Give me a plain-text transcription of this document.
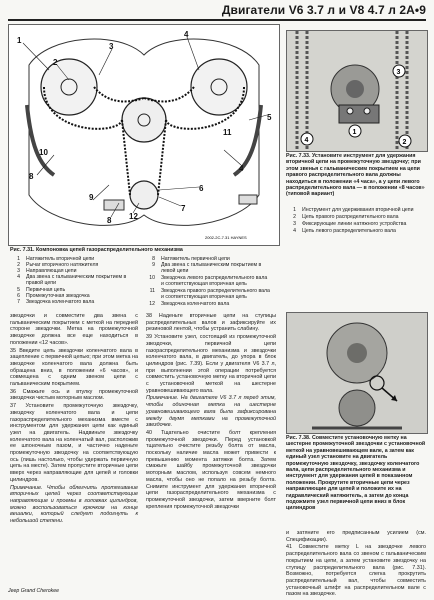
Двигатели V6 3.7 л и V8 4.7 л 2A•9
1
2
3
4
5
4
6
7
8
8
9
12
10
11
2002-2C-7.31 HAYNES
Рис. 7.31. Компоновка цепей газораспределительного механизма
1 Натяжитель вторичной цепи
2 Рычаг вторичного натяжителя
3 Направляющая цепи
4 Два звена с гальваническим покрытием в правой цепи
5 Первичная цепь
6 Промежуточная звездочка
7 Звездочка коленчатого вала
8 Натяжитель первичной цепи
9 Два звена с гальваническим покрытием в левой цепи
10 Звездочка левого распределительного вала и соответствующая вторичная цепь
11 Звездочка правого распределительного вала и соответствующая вторичная цепь
12 Звездочка коленчатого вала
1
2
3
4
Рис. 7.33. Установите инструмент для удержания вторичной цепи на промежуточную звездочку; при этом звенья с гальваническим покрытием на цепи правого распределительного вала должны находиться в положении «4 часа», а у цепи левого распределительного вала — в положении «8 часов» (типовой вариант)
1 Инструмент для удерживания вторичной цепи
2 Цепь правого распределительного вала
3 Фиксирующие линии натяжного устройства
4 Цепь левого распределительного вала
Рис. 7.38. Совместите установочную метку на шестерне промежуточной звездочки с установочной меткой на уравновешивающем вале, а затем как единый узел установите на двигатель промежуточную звездочку, звездочку коленчатого вала, цепи распределительного механизма и инструмент для удержания цепей в показанном положении. Прокрутите вторичные цепи через направляющие для цепей и положите их на гидравлический натяжитель, а затем до конца подожмите узел первичной цепи вниз в блок цилиндров

звездочки и совместите два звена с гальваническим покрытием с меткой на передней стороне звездочки. Метка на промежуточной звездочке должна все еще находиться в положении «12 часов».

35 Введите цепь звездочки коленчатого вала в зацепление с первичной цепью; при этом метка на звездочке коленчатого вала должна быть обращена вниз, в положении «6 часов», и совмещена с одним звеном цепи с гальваническим покрытием.

36 Смажьте ось и втулку промежуточной звездочки чистым моторным маслом.

37 Установите промежуточную звездочку, звездочку коленчатого вала и цепи газораспределительного механизма вместе с инструментом для удержания цепи как единый узел на двигатель. Надвиньте звездочку коленчатого вала на коленчатый вал, расположив ее шпоночным пазом, и частично наденьте промежуточную звездочку на соответствующую ось (лишь настолько, чтобы удержать первичную цепь на месте). Затем пропустите вторичные цепи вверх через направляющие для цепей и головки цилиндров.

Примечание. Чтобы облегчить протягивание вторичных цепей через соответствующие направляющие и проемы в головках цилиндров, можно воспользоваться крючком на конце вешалки, который следует подогнуть к небольшой степени.

38 Наденьте вторичные цепи на ступицы распределительных валов и зафиксируйте их резиновой лентой, чтобы устранить слабину.

39 Установите узел, состоящий из промежуточной звездочки, первичной цепи газораспределительного механизма и звездочки коленчатого вала, в двигатель, до упора в блок цилиндров (рис. 7.39). Если у двигателя V6 3.7 л, при выполнении этой операции потребуется совместить установочную метку на вторичной цепи с установочной меткой на шестерне уравновешивающего вала.

Примечание. На двигателе V6 3.7 л перед этим, чтобы одиночная метка на шестерне уравновешивающего вала была зафиксирована между двумя метками на промежуточной звездочке.

40 Тщательно очистите болт крепления промежуточной звездочки. Перед установкой тщательно очистите резьбу болта от масла, поскольку наличие масла может привести к превышению момента затяжки болта. Затем смажьте шайбу промежуточной звездочки моторным маслом, используя совсем немного масла, чтобы оно не попало на резьбу болта. Снимите инструмент для удержания вторичной цепи газораспределительного механизма с промежуточной звездочки, затем вверните болт крепления промежуточной звездочки

и затяните его предписанным усилием (см. Спецификации).

41 Совместите метку L на звездочке левого распределительного вала со звеном с гальваническим покрытием на цепи, а затем установите звездочку на ступицу распределительного вала (рис. 7.31). Возможно, потребуется слегка прокрутить распределительный вал, чтобы совместить установочный штифт на распределительном вале с пазом на звездочке.

Jeep Grand Cherokee
